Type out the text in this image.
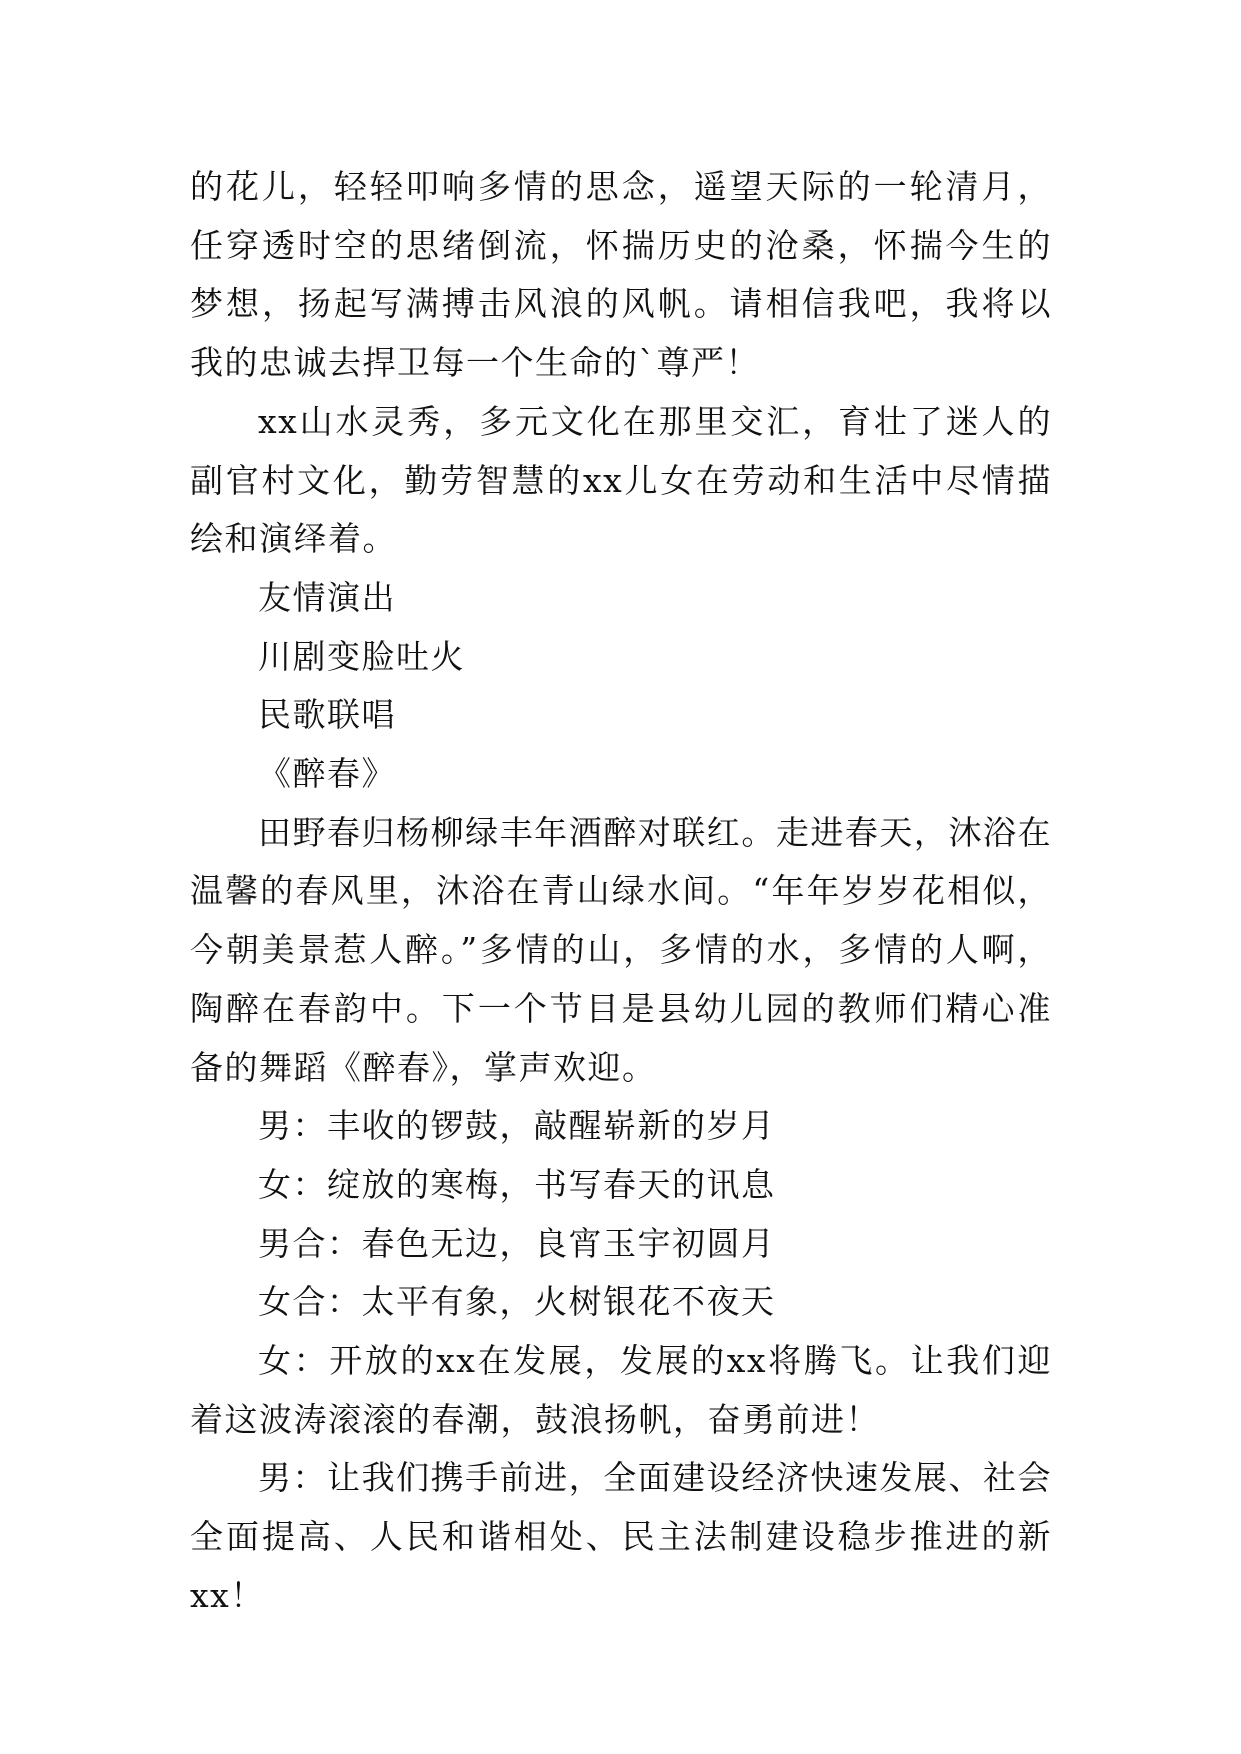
的花儿，轻轻叩响多情的思念，遥望天际的一轮清月，任穿透时空的思绪倒流，怀揣历史的沧桑，怀揣今生的梦想，扬起写满搏击风浪的风帆。请相信我吧，我将以我的忠诚去捍卫每一个生命的`尊严！

xx山水灵秀，多元文化在那里交汇，育壮了迷人的副官村文化，勤劳智慧的xx儿女在劳动和生活中尽情描绘和演绎着。

友情演出

川剧变脸吐火

民歌联唱

《醉春》

田野春归杨柳绿丰年酒醉对联红。走进春天，沐浴在温馨的春风里，沐浴在青山绿水间。“年年岁岁花相似，今朝美景惹人醉。”多情的山，多情的水，多情的人啊，陶醉在春韵中。下一个节目是县幼儿园的教师们精心准备的舞蹈《醉春》，掌声欢迎。

男：丰收的锣鼓，敲醒崭新的岁月

女：绽放的寒梅，书写春天的讯息

男合：春色无边，良宵玉宇初圆月

女合：太平有象，火树银花不夜天

女：开放的xx在发展，发展的xx将腾飞。让我们迎着这波涛滚滚的春潮，鼓浪扬帆，奋勇前进！

男：让我们携手前进，全面建设经济快速发展、社会全面提高、人民和谐相处、民主法制建设稳步推进的新xx！
